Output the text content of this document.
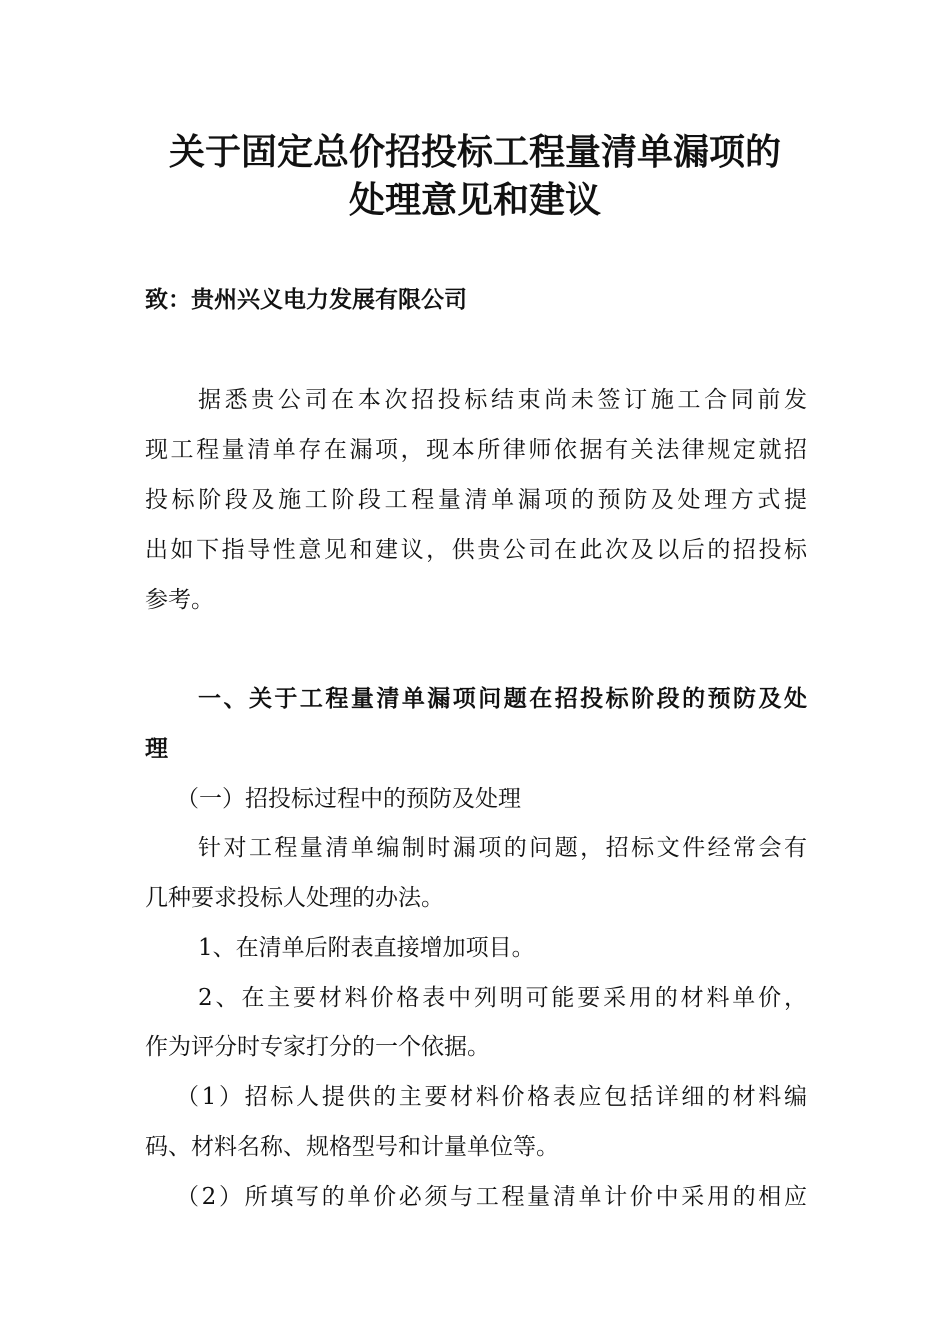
关于固定总价招投标工程量清单漏项的
处理意见和建议
致：贵州兴义电力发展有限公司
据悉贵公司在本次招投标结束尚未签订施工合同前发
现工程量清单存在漏项，现本所律师依据有关法律规定就招
投标阶段及施工阶段工程量清单漏项的预防及处理方式提
出如下指导性意见和建议，供贵公司在此次及以后的招投标
参考。
一、关于工程量清单漏项问题在招投标阶段的预防及处
理
（一）招投标过程中的预防及处理
针对工程量清单编制时漏项的问题，招标文件经常会有
几种要求投标人处理的办法。
1、在清单后附表直接增加项目。
2、在主要材料价格表中列明可能要采用的材料单价，
作为评分时专家打分的一个依据。
（1）招标人提供的主要材料价格表应包括详细的材料编
码、材料名称、规格型号和计量单位等。
（2）所填写的单价必须与工程量清单计价中采用的相应
